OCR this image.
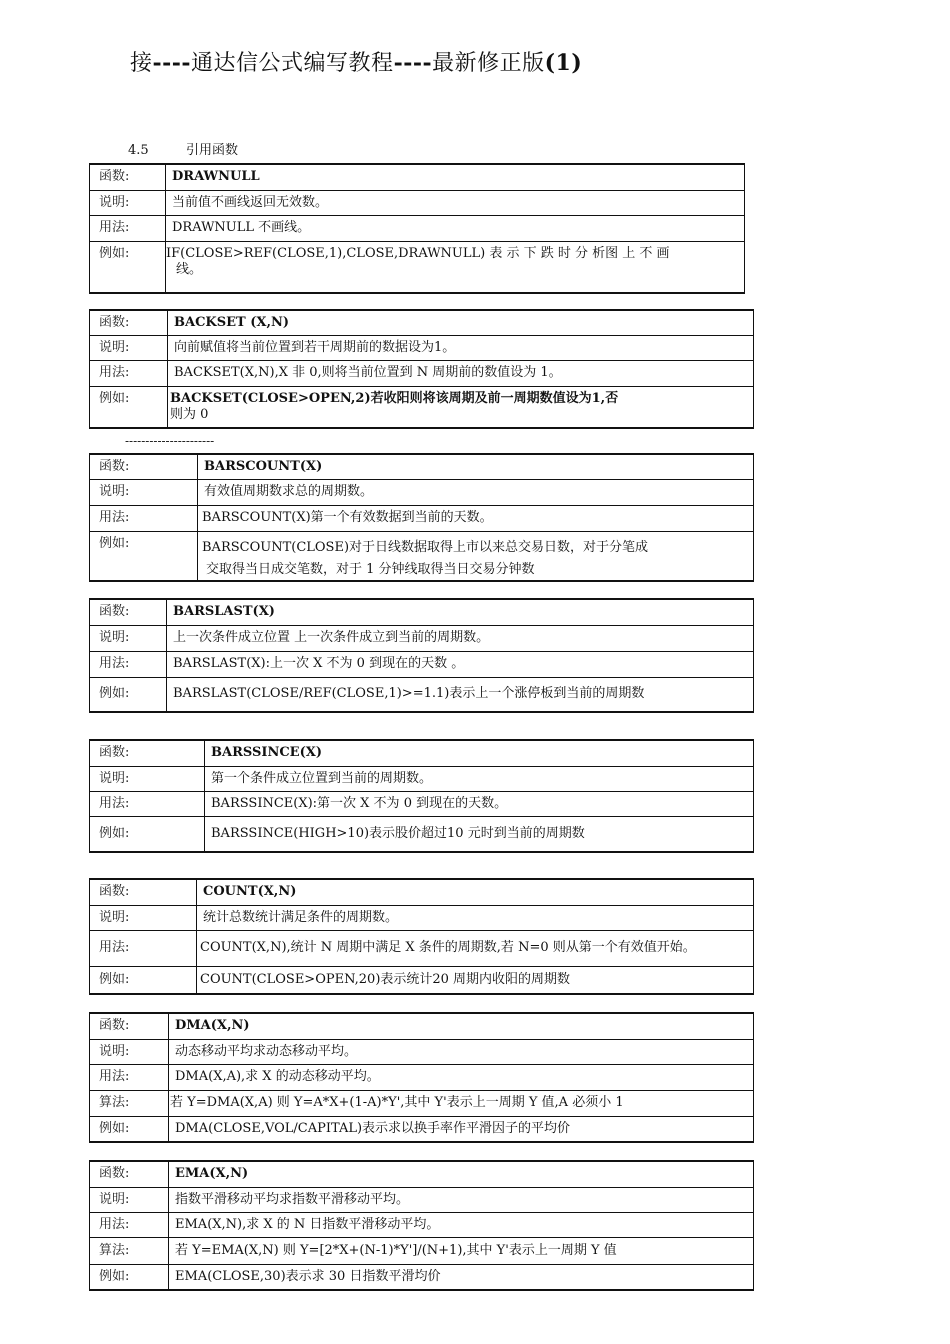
接----通达信公式编写教程----最新修正版(1)
4.5	引用函数
函数:	DRAWNULL
说明:	当前值不画线返回无效数。
用法:	DRAWNULL 不画线。
例如:	IF(CLOSE>REF(CLOSE,1),CLOSE,DRAWNULL) 表 示 下 跌 时 分 析图 上 不 画
线。
函数:	BACKSET (X,N)
说明:	向前赋值将当前位置到若干周期前的数据设为1。
用法:	BACKSET(X,N),X 非 0,则将当前位置到 N 周期前的数值设为 1。
例如:	BACKSET(CLOSE>OPEN,2)若收阳则将该周期及前一周期数值设为1,否
则为 0
----------------------
函数:	BARSCOUNT(X)
说明:	有效值周期数求总的周期数。
用法:	BARSCOUNT(X)第一个有效数据到当前的天数。
例如:	BARSCOUNT(CLOSE)对于日线数据取得上市以来总交易日数，对于分笔成
交取得当日成交笔数，对于 1 分钟线取得当日交易分钟数
函数:	BARSLAST(X)
说明:	上一次条件成立位置 上一次条件成立到当前的周期数。
用法:	BARSLAST(X):上一次 X 不为 0 到现在的天数 。
例如:	BARSLAST(CLOSE/REF(CLOSE,1)>=1.1)表示上一个涨停板到当前的周期数
函数:	BARSSINCE(X)
说明:	第一个条件成立位置到当前的周期数。
用法:	BARSSINCE(X):第一次 X 不为 0 到现在的天数。
例如:	BARSSINCE(HIGH>10)表示股价超过10 元时到当前的周期数
函数:	COUNT(X,N)
说明:	统计总数统计满足条件的周期数。
用法:	COUNT(X,N),统计 N 周期中满足 X 条件的周期数,若 N=0 则从第一个有效值开始。
例如:	COUNT(CLOSE>OPEN,20)表示统计20 周期内收阳的周期数
函数:	DMA(X,N)
说明:	动态移动平均求动态移动平均。
用法:	DMA(X,A),求 X 的动态移动平均。
算法:	若 Y=DMA(X,A) 则 Y=A*X+(1-A)*Y',其中 Y'表示上一周期 Y 值,A 必须小 1
例如:	DMA(CLOSE,VOL/CAPITAL)表示求以换手率作平滑因子的平均价
函数:	EMA(X,N)
说明:	指数平滑移动平均求指数平滑移动平均。
用法:	EMA(X,N),求 X 的 N 日指数平滑移动平均。
算法:	若 Y=EMA(X,N) 则 Y=[2*X+(N-1)*Y']/(N+1),其中 Y'表示上一周期 Y 值
例如:	EMA(CLOSE,30)表示求 30 日指数平滑均价
